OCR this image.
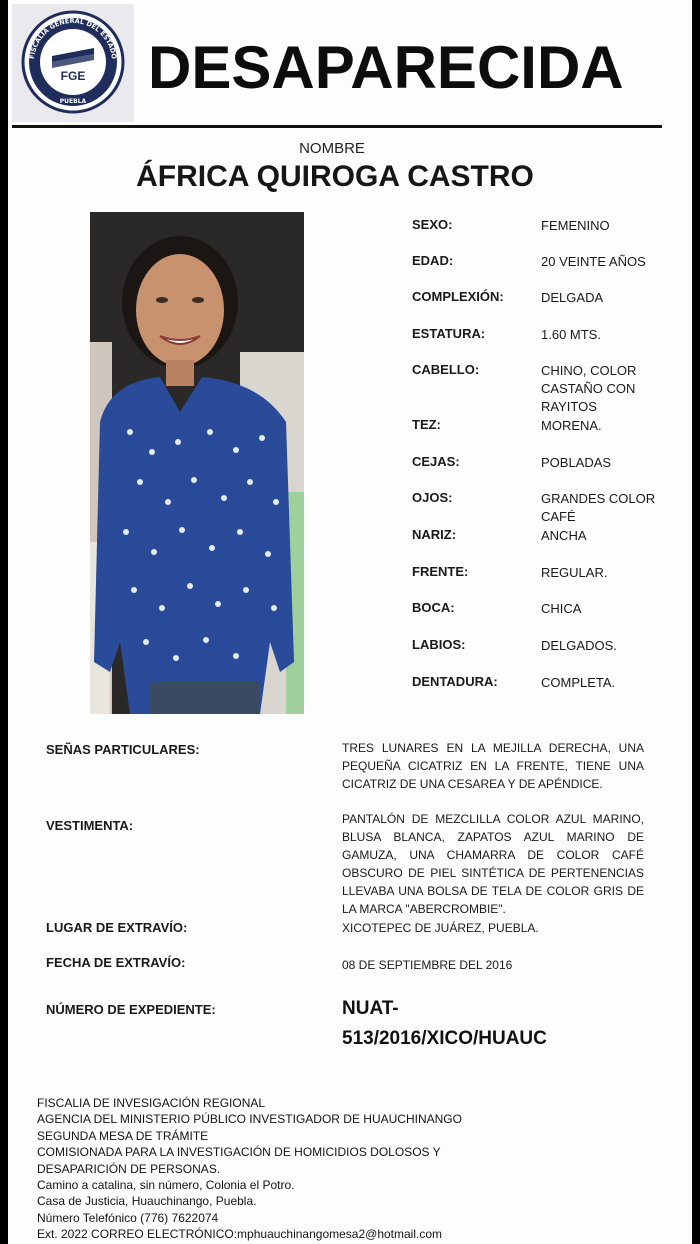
FISCALÍA GENERAL DEL ESTADO
PUEBLA
FGE DESAPARECIDA
NOMBRE
ÁFRICA QUIROGA CASTRO
SEXO:	FEMENINO
EDAD:	20 VEINTE AÑOS
COMPLEXIÓN:	DELGADA
ESTATURA:	1.60 MTS.
CABELLO:	CHINO, COLOR CASTAÑO CON RAYITOS
TEZ:	MORENA.
CEJAS:	POBLADAS
OJOS:	GRANDES COLOR CAFÉ
NARIZ:	ANCHA
FRENTE:	REGULAR.
BOCA:	CHICA
LABIOS:	DELGADOS.
DENTADURA:	COMPLETA.
SEÑAS PARTICULARES:	TRES LUNARES EN LA MEJILLA DERECHA, UNA PEQUEÑA CICATRIZ EN LA FRENTE, TIENE UNA CICATRIZ DE UNA CESAREA Y DE APÉNDICE.
VESTIMENTA:	PANTALÓN DE MEZCLILLA COLOR AZUL MARINO, BLUSA BLANCA, ZAPATOS AZUL MARINO DE GAMUZA, UNA CHAMARRA DE COLOR CAFÉ OBSCURO DE PIEL SINTÉTICA DE PERTENENCIAS LLEVABA UNA BOLSA DE TELA DE COLOR GRIS DE LA MARCA "ABERCROMBIE".
LUGAR DE EXTRAVÍO:	XICOTEPEC DE JUÁREZ, PUEBLA.
FECHA DE EXTRAVÍO:	08 DE SEPTIEMBRE DEL 2016
NÚMERO DE EXPEDIENTE:	NUAT-
513/2016/XICO/HUAUC
FISCALIA DE INVESIGACIÓN REGIONAL
AGENCIA DEL MINISTERIO PÚBLICO INVESTIGADOR DE HUAUCHINANGO
SEGUNDA MESA DE TRÁMITE
COMISIONADA PARA LA INVESTIGACIÓN DE HOMICIDIOS DOLOSOS Y
DESAPARICIÓN DE PERSONAS.
Camino a catalina, sin número, Colonia el Potro.
Casa de Justicia, Huauchinango, Puebla.
Número Telefónico (776) 7622074
Ext. 2022 CORREO ELECTRÓNICO:mphuauchinangomesa2@hotmail.com
